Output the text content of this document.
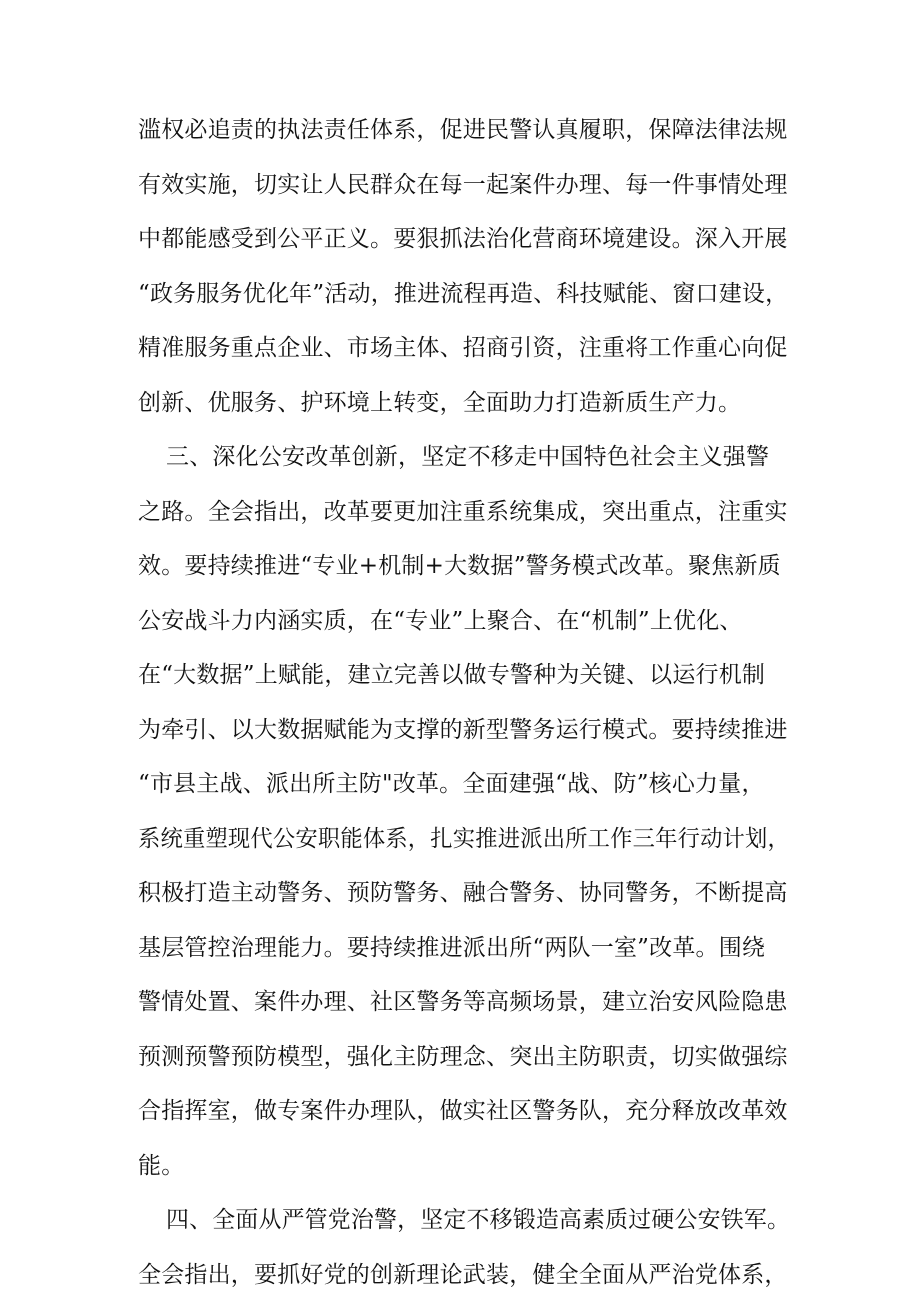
滥权必追责的执法责任体系，促进民警认真履职，保障法律法规
有效实施，切实让人民群众在每一起案件办理、每一件事情处理
中都能感受到公平正义。要狠抓法治化营商环境建设。深入开展
“政务服务优化年”活动，推进流程再造、科技赋能、窗口建设，
精准服务重点企业、市场主体、招商引资，注重将工作重心向促
创新、优服务、护环境上转变，全面助力打造新质生产力。
三、深化公安改革创新，坚定不移走中国特色社会主义强警
之路。全会指出，改革要更加注重系统集成，突出重点，注重实
效。要持续推进“专业+机制+大数据”警务模式改革。聚焦新质
公安战斗力内涵实质，在“专业”上聚合、在“机制”上优化、
在“大数据”上赋能，建立完善以做专警种为关键、以运行机制
为牵引、以大数据赋能为支撑的新型警务运行模式。要持续推进
“市县主战、派出所主防"改革。全面建强“战、防”核心力量，
系统重塑现代公安职能体系，扎实推进派出所工作三年行动计划，
积极打造主动警务、预防警务、融合警务、协同警务，不断提高
基层管控治理能力。要持续推进派出所“两队一室”改革。围绕
警情处置、案件办理、社区警务等高频场景，建立治安风险隐患
预测预警预防模型，强化主防理念、突出主防职责，切实做强综
合指挥室，做专案件办理队，做实社区警务队，充分释放改革效
能。
四、全面从严管党治警，坚定不移锻造高素质过硬公安铁军。
全会指出，要抓好党的创新理论武装，健全全面从严治党体系，
